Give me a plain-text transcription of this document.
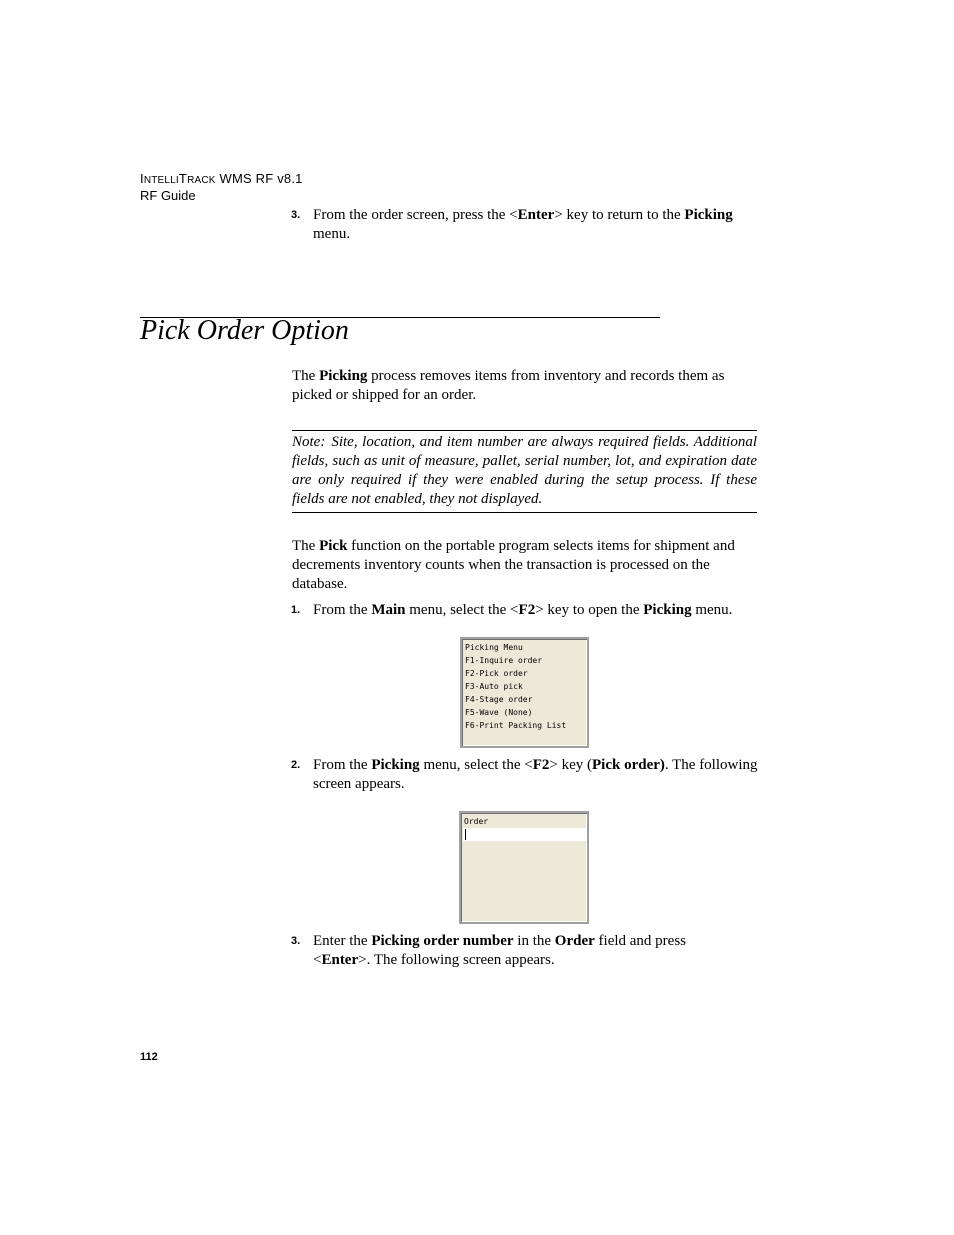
INTELLITRACK WMS RF v8.1
RF Guide
3. From the order screen, press the <Enter> key to return to the Picking menu.
Pick Order Option
The Picking process removes items from inventory and records them as picked or shipped for an order.
Note: Site, location, and item number are always required fields. Additional fields, such as unit of measure, pallet, serial number, lot, and expiration date are only required if they were enabled during the setup process. If these fields are not enabled, they not displayed.
The Pick function on the portable program selects items for shipment and decrements inventory counts when the transaction is processed on the database.
1. From the Main menu, select the <F2> key to open the Picking menu.
Picking Menu
F1-Inquire order
F2-Pick order
F3-Auto pick
F4-Stage order
F5-Wave (None)
F6-Print Packing List
2. From the Picking menu, select the <F2> key (Pick order). The following screen appears.
Order
3. Enter the Picking order number in the Order field and press <Enter>. The following screen appears.
112
